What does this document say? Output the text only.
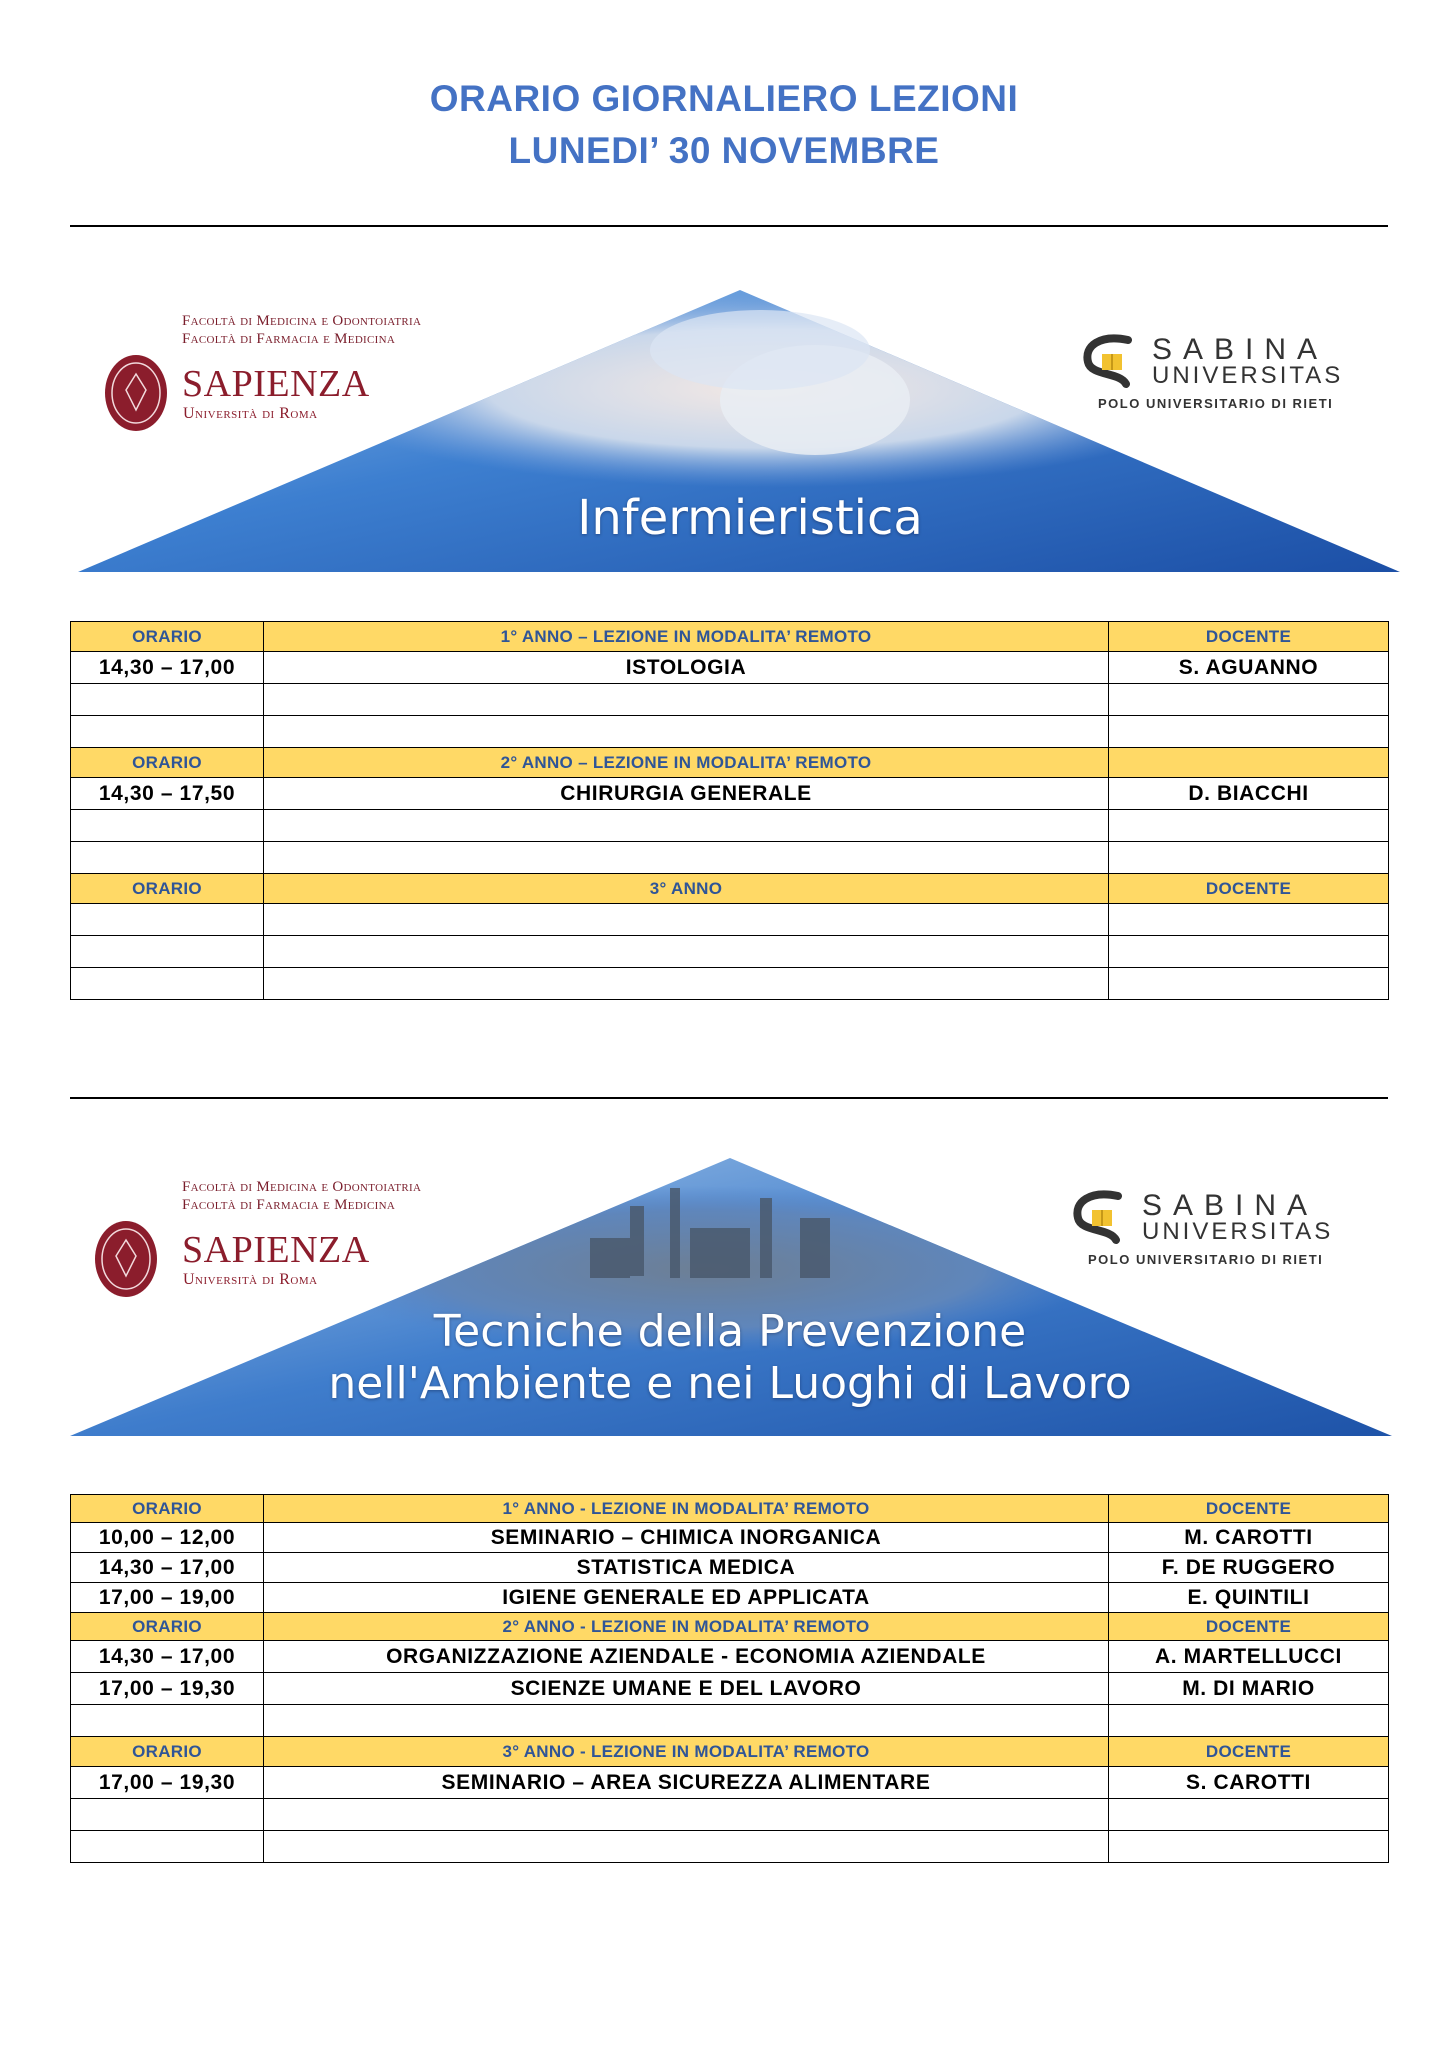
ORARIO GIORNALIERO LEZIONI
LUNEDI’ 30 NOVEMBRE
Facoltà di Medicina e Odontoiatria
Facoltà di Farmacia e Medicina
SAPIENZA
Università di Roma
SABINA
UNIVERSITAS
POLO UNIVERSITARIO DI RIETI
Infermieristica
ORARIO	1° ANNO – LEZIONE IN MODALITA’ REMOTO	DOCENTE
14,30 – 17,00	ISTOLOGIA	S. AGUANNO

ORARIO	2° ANNO – LEZIONE IN MODALITA’ REMOTO	
14,30 – 17,50	CHIRURGIA GENERALE	D. BIACCHI

ORARIO	3° ANNO	DOCENTE

Facoltà di Medicina e Odontoiatria
Facoltà di Farmacia e Medicina
SAPIENZA
Università di Roma
SABINA
UNIVERSITAS
POLO UNIVERSITARIO DI RIETI
Tecniche della Prevenzione
nell'Ambiente e nei Luoghi di Lavoro
ORARIO	1° ANNO - LEZIONE IN MODALITA’ REMOTO	DOCENTE
10,00 – 12,00	SEMINARIO – CHIMICA INORGANICA	M. CAROTTI
14,30 – 17,00	STATISTICA MEDICA	F. DE RUGGERO
17,00 – 19,00	IGIENE GENERALE ED APPLICATA	E. QUINTILI
ORARIO	2° ANNO - LEZIONE IN MODALITA’ REMOTO	DOCENTE
14,30 – 17,00	ORGANIZZAZIONE AZIENDALE - ECONOMIA AZIENDALE	A. MARTELLUCCI
17,00 – 19,30	SCIENZE UMANE E DEL LAVORO	M. DI MARIO

ORARIO	3° ANNO - LEZIONE IN MODALITA’ REMOTO	DOCENTE
17,00 – 19,30	SEMINARIO – AREA SICUREZZA ALIMENTARE	S. CAROTTI
